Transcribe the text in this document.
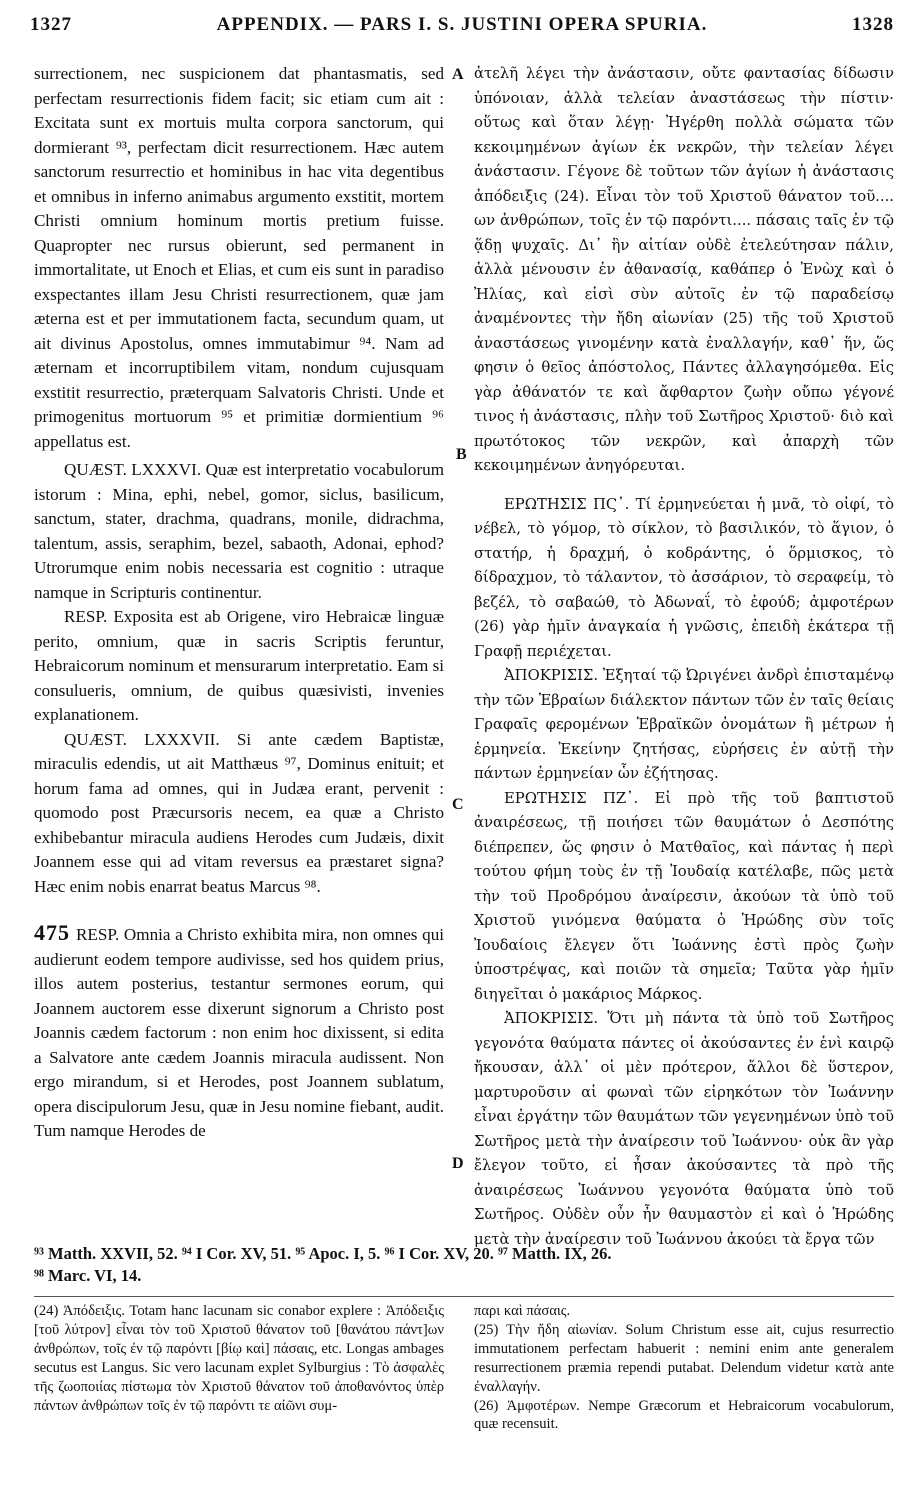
1327	APPENDIX. — PARS I. S. JUSTINI OPERA SPURIA.	1328

surrectionem, nec suspicionem dat phantasmatis, sed perfectam resurrectionis fidem facit; sic etiam cum ait : Excitata sunt ex mortuis multa corpora sanctorum, qui dormierant ⁹³, perfectam dicit resurrectionem. Hæc autem sanctorum resurrectio et hominibus in hac vita degentibus et omnibus in inferno animabus argumento exstitit, mortem Christi omnium hominum mortis pretium fuisse. Quapropter nec rursus obierunt, sed permanent in immortalitate, ut Enoch et Elias, et cum eis sunt in paradiso exspectantes illam Jesu Christi resurrectionem, quæ jam æterna est et per immutationem facta, secundum quam, ut ait divinus Apostolus, omnes immutabimur ⁹⁴. Nam ad æternam et incorruptibilem vitam, nondum cujusquam exstitit resurrectio, præterquam Salvatoris Christi. Unde et primogenitus mortuorum ⁹⁵ et primitiæ dormientium ⁹⁶ appellatus est.

QUÆST. LXXXVI. Quæ est interpretatio vocabulorum istorum : Mina, ephi, nebel, gomor, siclus, basilicum, sanctum, stater, drachma, quadrans, monile, didrachma, talentum, assis, seraphim, bezel, sabaoth, Adonai, ephod? Utrorumque enim nobis necessaria est cognitio : utraque namque in Scripturis continentur.

RESP. Exposita est ab Origene, viro Hebraicæ linguæ perito, omnium, quæ in sacris Scriptis feruntur, Hebraicorum nominum et mensurarum interpretatio. Eam si consulueris, omnium, de quibus quæsivisti, invenies explanationem.

QUÆST. LXXXVII. Si ante cædem Baptistæ, miraculis edendis, ut ait Matthæus ⁹⁷, Dominus enituit; et horum fama ad omnes, qui in Judæa erant, pervenit : quomodo post Præcursoris necem, ea quæ a Christo exhibebantur miracula audiens Herodes cum Judæis, dixit Joannem esse qui ad vitam reversus ea præstaret signa? Hæc enim nobis enarrat beatus Marcus ⁹⁸.

475 RESP. Omnia a Christo exhibita mira, non omnes qui audierunt eodem tempore audivisse, sed hos quidem prius, illos autem posterius, testantur sermones eorum, qui Joannem auctorem esse dixerunt signorum a Christo post Joannis cædem factorum : non enim hoc dixissent, si edita a Salvatore ante cædem Joannis miracula audissent. Non ergo mirandum, si et Herodes, post Joannem sublatum, opera discipulorum Jesu, quæ in Jesu nomine fiebant, audit. Tum namque Herodes de

ἀτελῆ λέγει τὴν ἀνάστασιν, οὔτε φαντασίας δίδωσιν ὑπόνοιαν, ἀλλὰ τελείαν ἀναστάσεως τὴν πίστιν· οὕτως καὶ ὅταν λέγῃ· Ἠγέρθη πολλὰ σώματα τῶν κεκοιμημένων ἁγίων ἐκ νεκρῶν, τὴν τελείαν λέγει ἀνάστασιν. Γέγονε δὲ τοῦτων τῶν ἁγίων ἡ ἀνάστασις ἀπόδειξις (24). Εἶναι τὸν τοῦ Χριστοῦ θάνατον τοῦ.... ων ἀνθρώπων, τοῖς ἐν τῷ παρόντι.... πάσαις ταῖς ἐν τῷ ᾅδῃ ψυχαῖς. Δι᾽ ἣν αἰτίαν οὐδὲ ἐτελεύτησαν πάλιν, ἀλλὰ μένουσιν ἐν ἀθανασίᾳ, καθάπερ ὁ Ἐνὼχ καὶ ὁ Ἠλίας, καὶ εἰσὶ σὺν αὐτοῖς ἐν τῷ παραδείσῳ ἀναμένοντες τὴν ἤδη αἰωνίαν (25) τῆς τοῦ Χριστοῦ ἀναστάσεως γινομένην κατὰ ἐναλλαγήν, καθ᾽ ἥν, ὥς φησιν ὁ θεῖος ἀπόστολος, Πάντες ἀλλαγησόμεθα. Εἰς γὰρ ἀθάνατόν τε καὶ ἄφθαρτον ζωὴν οὔπω γέγονέ τινος ἡ ἀνάστασις, πλὴν τοῦ Σωτῆρος Χριστοῦ· διὸ καὶ πρωτότοκος τῶν νεκρῶν, καὶ ἀπαρχὴ τῶν κεκοιμημένων ἀνηγόρευται.

ΕΡΩΤΗΣΙΣ ΠϚ᾽. Τί ἑρμηνεύεται ἡ μνᾶ, τὸ οἰφί, τὸ νέβελ, τὸ γόμορ, τὸ σίκλον, τὸ βασιλικόν, τὸ ἅγιον, ὁ στατήρ, ἡ δραχμή, ὁ κοδράντης, ὁ ὅρμισκος, τὸ δίδραχμον, τὸ τάλαντον, τὸ ἀσσάριον, τὸ σεραφείμ, τὸ βεζέλ, τὸ σαβαώθ, τὸ Ἀδωναΐ, τὸ ἐφούδ; ἀμφοτέρων (26) γὰρ ἡμῖν ἀναγκαία ἡ γνῶσις, ἐπειδὴ ἑκάτερα τῇ Γραφῇ περιέχεται.

ἈΠΟΚΡΙΣΙΣ. Ἐξηταί τῷ Ὠριγένει ἀνδρὶ ἐπισταμένῳ τὴν τῶν Ἑβραίων διάλεκτον πάντων τῶν ἐν ταῖς θείαις Γραφαῖς φερομένων Ἑβραϊκῶν ὀνομάτων ἢ μέτρων ἡ ἑρμηνεία. Ἐκείνην ζητήσας, εὑρήσεις ἐν αὐτῇ τὴν πάντων ἑρμηνείαν ὧν ἐζήτησας.

ΕΡΩΤΗΣΙΣ ΠΖ᾽. Εἰ πρὸ τῆς τοῦ βαπτιστοῦ ἀναιρέσεως, τῇ ποιήσει τῶν θαυμάτων ὁ Δεσπότης διέπρεπεν, ὥς φησιν ὁ Ματθαῖος, καὶ πάντας ἡ περὶ τούτου φήμη τοὺς ἐν τῇ Ἰουδαίᾳ κατέλαβε, πῶς μετὰ τὴν τοῦ Προδρόμου ἀναίρεσιν, ἀκούων τὰ ὑπὸ τοῦ Χριστοῦ γινόμενα θαύματα ὁ Ἡρώδης σὺν τοῖς Ἰουδαίοις ἔλεγεν ὅτι Ἰωάννης ἐστὶ πρὸς ζωὴν ὑποστρέψας, καὶ ποιῶν τὰ σημεῖα; Ταῦτα γὰρ ἡμῖν διηγεῖται ὁ μακάριος Μάρκος.

ἈΠΟΚΡΙΣΙΣ. Ὅτι μὴ πάντα τὰ ὑπὸ τοῦ Σωτῆρος γεγονότα θαύματα πάντες οἱ ἀκούσαντες ἐν ἑνὶ καιρῷ ἤκουσαν, ἀλλ᾽ οἱ μὲν πρότερον, ἄλλοι δὲ ὕστερον, μαρτυροῦσιν αἱ φωναὶ τῶν εἰρηκότων τὸν Ἰωάννην εἶναι ἐργάτην τῶν θαυμάτων τῶν γεγενημένων ὑπὸ τοῦ Σωτῆρος μετὰ τὴν ἀναίρεσιν τοῦ Ἰωάννου· οὐκ ἂν γὰρ ἔλεγον τοῦτο, εἰ ἦσαν ἀκούσαντες τὰ πρὸ τῆς ἀναιρέσεως Ἰωάννου γεγονότα θαύματα ὑπὸ τοῦ Σωτῆρος. Οὐδὲν οὖν ἦν θαυμαστὸν εἰ καὶ ὁ Ἡρώδης μετὰ τὴν ἀναίρεσιν τοῦ Ἰωάννου ἀκούει τὰ ἔργα τῶν

A
B
C
D
⁹³ Matth. XXVII, 52. ⁹⁴ I Cor. XV, 51. ⁹⁵ Apoc. I, 5. ⁹⁶ I Cor. XV, 20. ⁹⁷ Matth. IX, 26.
⁹⁸ Marc. VI, 14.

(24) Ἀπόδειξις. Totam hanc lacunam sic conabor explere : Ἀπόδειξις [τοῦ λύτρον] εἶναι τὸν τοῦ Χριστοῦ θάνατον τοῦ [θανάτου πάντ]ων ἀνθρώπων, τοῖς ἐν τῷ παρόντι [βίῳ καὶ] πάσαις, etc. Longas ambages secutus est Langus. Sic vero lacunam explet Sylburgius : Τὸ ἀσφαλὲς τῆς ζωοποιίας πίστωμα τὸν Χριστοῦ θάνατον τοῦ ἀποθανόντος ὑπὲρ πάντων ἀνθρώπων τοῖς ἐν τῷ παρόντι τε αἰῶνι συμ-

παρι καὶ πάσαις.

(25) Τὴν ἤδη αἰωνίαν. Solum Christum esse ait, cujus resurrectio immutationem perfectam habuerit : nemini enim ante generalem resurrectionem præmia rependi putabat. Delendum videtur κατὰ ante ἐναλλαγήν.

(26) Ἀμφοτέρων. Nempe Græcorum et Hebraicorum vocabulorum, quæ recensuit.
